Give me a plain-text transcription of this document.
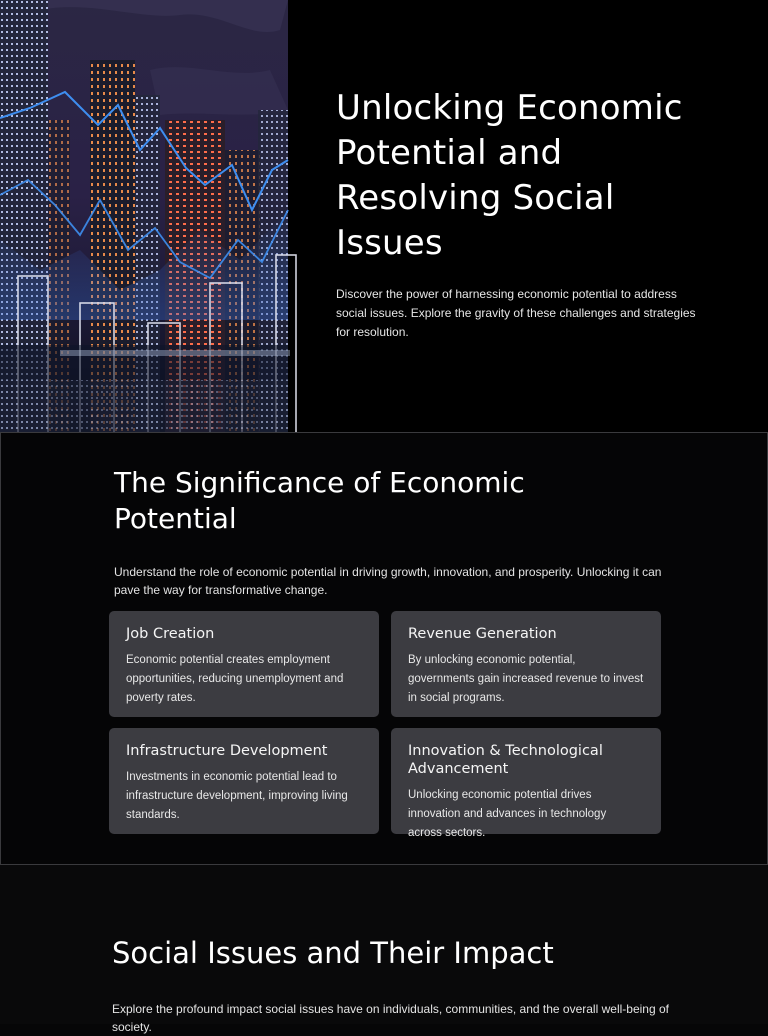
Unlocking Economic Potential and Resolving Social Issues

Discover the power of harnessing economic potential to address social issues. Explore the gravity of these challenges and strategies for resolution.

The Significance of Economic Potential

Understand the role of economic potential in driving growth, innovation, and prosperity. Unlocking it can pave the way for transformative change.

Job Creation

Economic potential creates employment opportunities, reducing unemployment and poverty rates.

Revenue Generation

By unlocking economic potential, governments gain increased revenue to invest in social programs.

Infrastructure Development

Investments in economic potential lead to infrastructure development, improving living standards.

Innovation & Technological Advancement

Unlocking economic potential drives innovation and advances in technology across sectors.

Social Issues and Their Impact

Explore the profound impact social issues have on individuals, communities, and the overall well-being of society.
